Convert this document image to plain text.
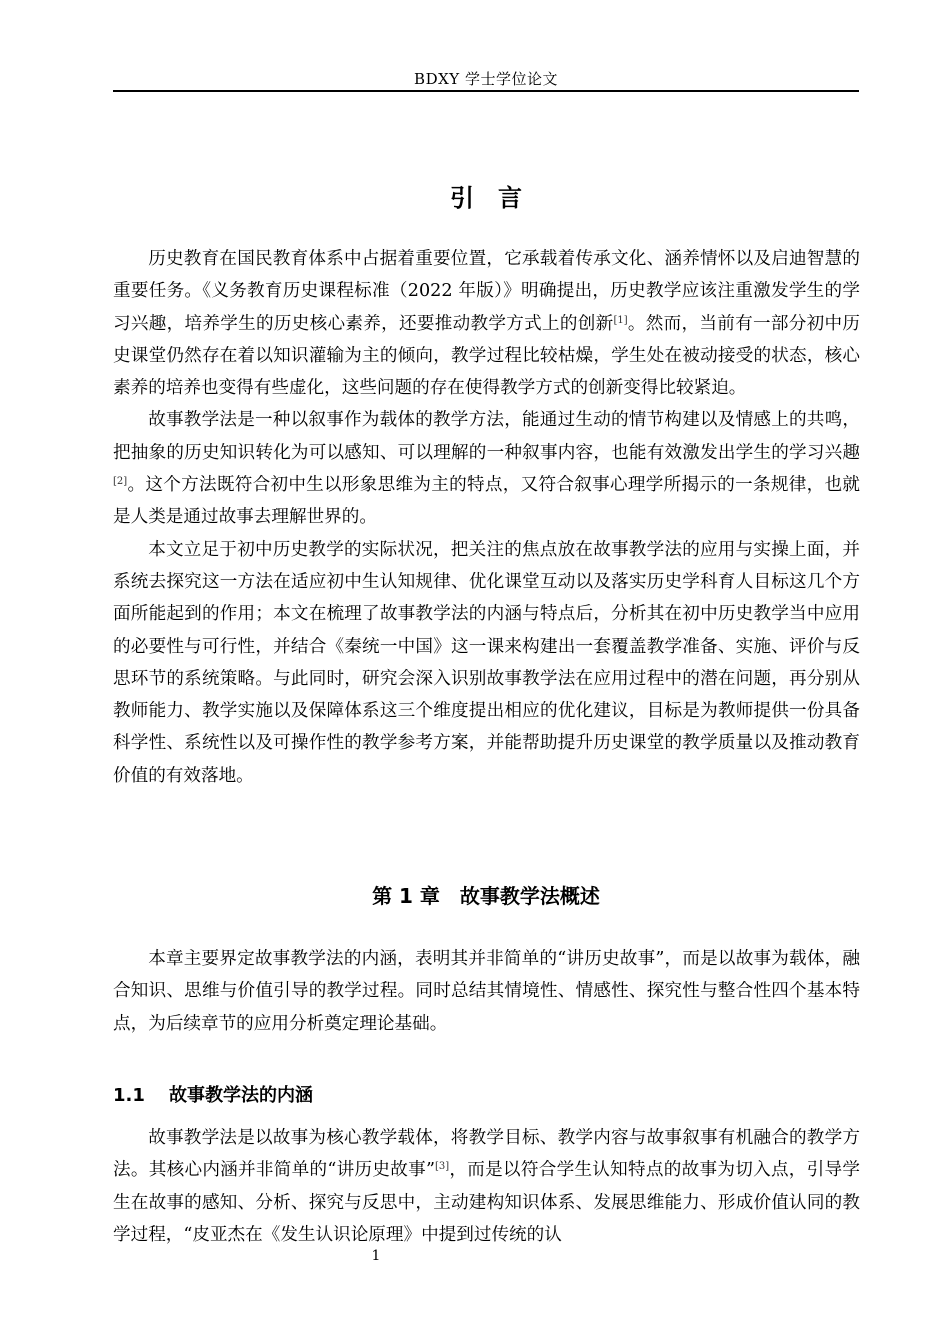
BDXY 学士学位论文
引　言

历史教育在国民教育体系中占据着重要位置，它承载着传承文化、涵养情怀以及启迪智慧的重要任务。《义务教育历史课程标准（2022 年版）》明确提出，历史教学应该注重激发学生的学习兴趣，培养学生的历史核心素养，还要推动教学方式上的创新[1]。然而，当前有一部分初中历史课堂仍然存在着以知识灌输为主的倾向，教学过程比较枯燥，学生处在被动接受的状态，核心素养的培养也变得有些虚化，这些问题的存在使得教学方式的创新变得比较紧迫。

故事教学法是一种以叙事作为载体的教学方法，能通过生动的情节构建以及情感上的共鸣，把抽象的历史知识转化为可以感知、可以理解的一种叙事内容，也能有效激发出学生的学习兴趣[2]。这个方法既符合初中生以形象思维为主的特点，又符合叙事心理学所揭示的一条规律，也就是人类是通过故事去理解世界的。

本文立足于初中历史教学的实际状况，把关注的焦点放在故事教学法的应用与实操上面，并系统去探究这一方法在适应初中生认知规律、优化课堂互动以及落实历史学科育人目标这几个方面所能起到的作用；本文在梳理了故事教学法的内涵与特点后，分析其在初中历史教学当中应用的必要性与可行性，并结合《秦统一中国》这一课来构建出一套覆盖教学准备、实施、评价与反思环节的系统策略。与此同时，研究会深入识别故事教学法在应用过程中的潜在问题，再分别从教师能力、教学实施以及保障体系这三个维度提出相应的优化建议，目标是为教师提供一份具备科学性、系统性以及可操作性的教学参考方案，并能帮助提升历史课堂的教学质量以及推动教育价值的有效落地。

第 1 章　故事教学法概述

本章主要界定故事教学法的内涵，表明其并非简单的“讲历史故事”，而是以故事为载体，融合知识、思维与价值引导的教学过程。同时总结其情境性、情感性、探究性与整合性四个基本特点，为后续章节的应用分析奠定理论基础。

1.1 故事教学法的内涵

故事教学法是以故事为核心教学载体，将教学目标、教学内容与故事叙事有机融合的教学方法。其核心内涵并非简单的“讲历史故事”[3]，而是以符合学生认知特点的故事为切入点，引导学生在故事的感知、分析、探究与反思中，主动建构知识体系、发展思维能力、形成价值认同的教学过程，“皮亚杰在《发生认识论原理》中提到过传统的认

1
